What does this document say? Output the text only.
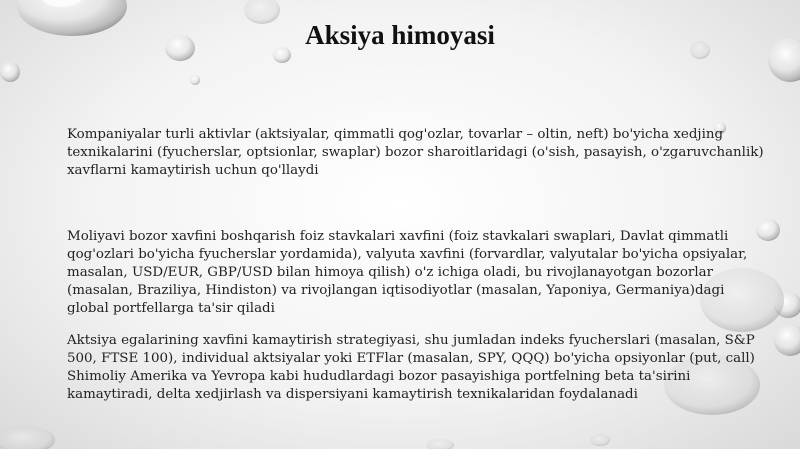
Aksiya himoyasi

Kompaniyalar turli aktivlar (aktsiyalar, qimmatli qog'ozlar, tovarlar – oltin, neft) bo'yicha xedjing texnikalarini (fyucherslar, optsionlar, swaplar) bozor sharoitlaridagi (o'sish, pasayish, o'zgaruvchanlik) xavflarni kamaytirish uchun qo'llaydi

Moliyavi bozor xavfini boshqarish foiz stavkalari xavfini (foiz stavkalari swaplari, Davlat qimmatli qog'ozlari bo'yicha fyucherslar yordamida), valyuta xavfini (forvardlar, valyutalar bo'yicha opsiyalar, masalan, USD/EUR, GBP/USD bilan himoya qilish) o'z ichiga oladi, bu rivojlanayotgan bozorlar (masalan, Braziliya, Hindiston) va rivojlangan iqtisodiyotlar (masalan, Yaponiya, Germaniya)dagi global portfellarga ta'sir qiladi

Aktsiya egalarining xavfini kamaytirish strategiyasi, shu jumladan indeks fyucherslari (masalan, S&P 500, FTSE 100), individual aktsiyalar yoki ETFlar (masalan, SPY, QQQ) bo'yicha opsiyonlar (put, call) Shimoliy Amerika va Yevropa kabi hududlardagi bozor pasayishiga portfelning beta ta'sirini kamaytiradi, delta xedjirlash va dispersiyani kamaytirish texnikalaridan foydalanadi
